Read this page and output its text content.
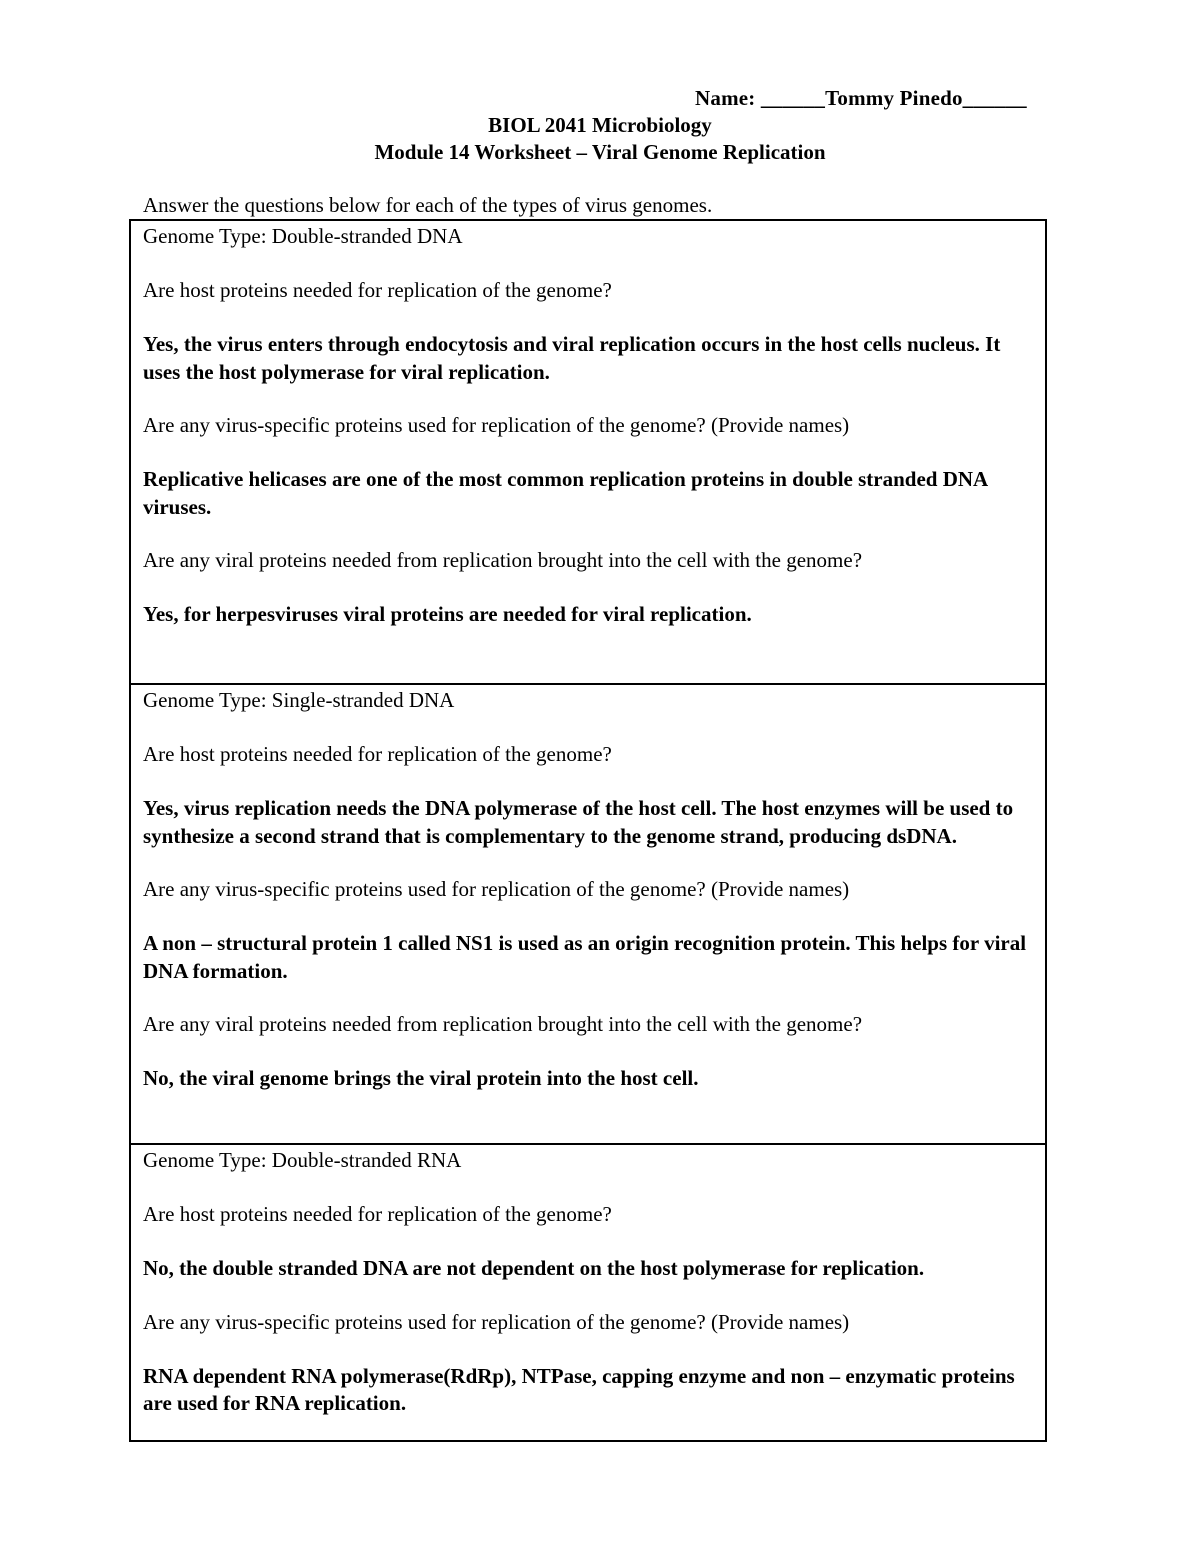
Name: ______Tommy Pinedo______
BIOL 2041 Microbiology
Module 14 Worksheet – Viral Genome Replication
Answer the questions below for each of the types of virus genomes.

Genome Type: Double-stranded DNA

Are host proteins needed for replication of the genome?

Yes, the virus enters through endocytosis and viral replication occurs in the host cells nucleus. It uses the host polymerase for viral replication.

Are any virus-specific proteins used for replication of the genome? (Provide names)

Replicative helicases are one of the most common replication proteins in double stranded DNA viruses.

Are any viral proteins needed from replication brought into the cell with the genome?

Yes, for herpesviruses viral proteins are needed for viral replication.

Genome Type: Single-stranded DNA

Are host proteins needed for replication of the genome?

Yes, virus replication needs the DNA polymerase of the host cell. The host enzymes will be used to synthesize a second strand that is complementary to the genome strand, producing dsDNA.

Are any virus-specific proteins used for replication of the genome? (Provide names)

A non – structural protein 1 called NS1 is used as an origin recognition protein. This helps for viral DNA formation.

Are any viral proteins needed from replication brought into the cell with the genome?

No, the viral genome brings the viral protein into the host cell.

Genome Type: Double-stranded RNA

Are host proteins needed for replication of the genome?

No, the double stranded DNA are not dependent on the host polymerase for replication.

Are any virus-specific proteins used for replication of the genome? (Provide names)

RNA dependent RNA polymerase(RdRp), NTPase, capping enzyme and non – enzymatic proteins are used for RNA replication.
